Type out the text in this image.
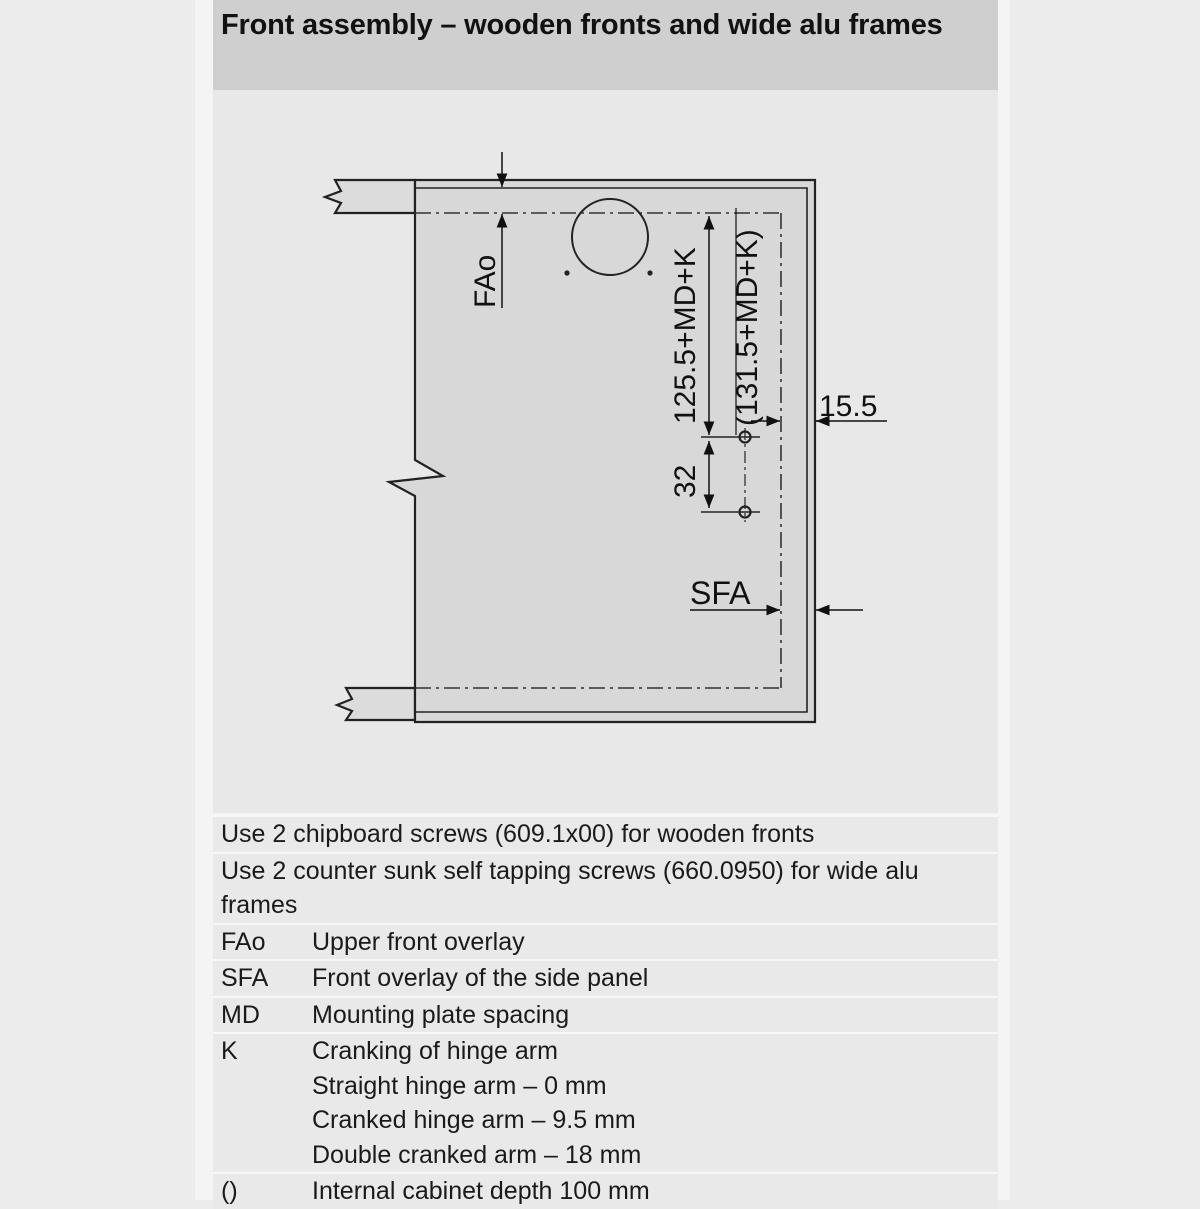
Front assembly – wooden fronts and wide alu frames
FAo	125.5+MD+K (131.5+MD+K)
32
15.5
SFA
Use 2 chipboard screws (609.1x00) for wooden fronts
Use 2 counter sunk self tapping screws (660.0950) for wide alu frames
FAo	Upper front overlay
SFA	Front overlay of the side panel
MD	Mounting plate spacing
K	Cranking of hinge arm
Straight hinge arm – 0 mm
Cranked hinge arm – 9.5 mm
Double cranked arm – 18 mm
()	Internal cabinet depth 100 mm
